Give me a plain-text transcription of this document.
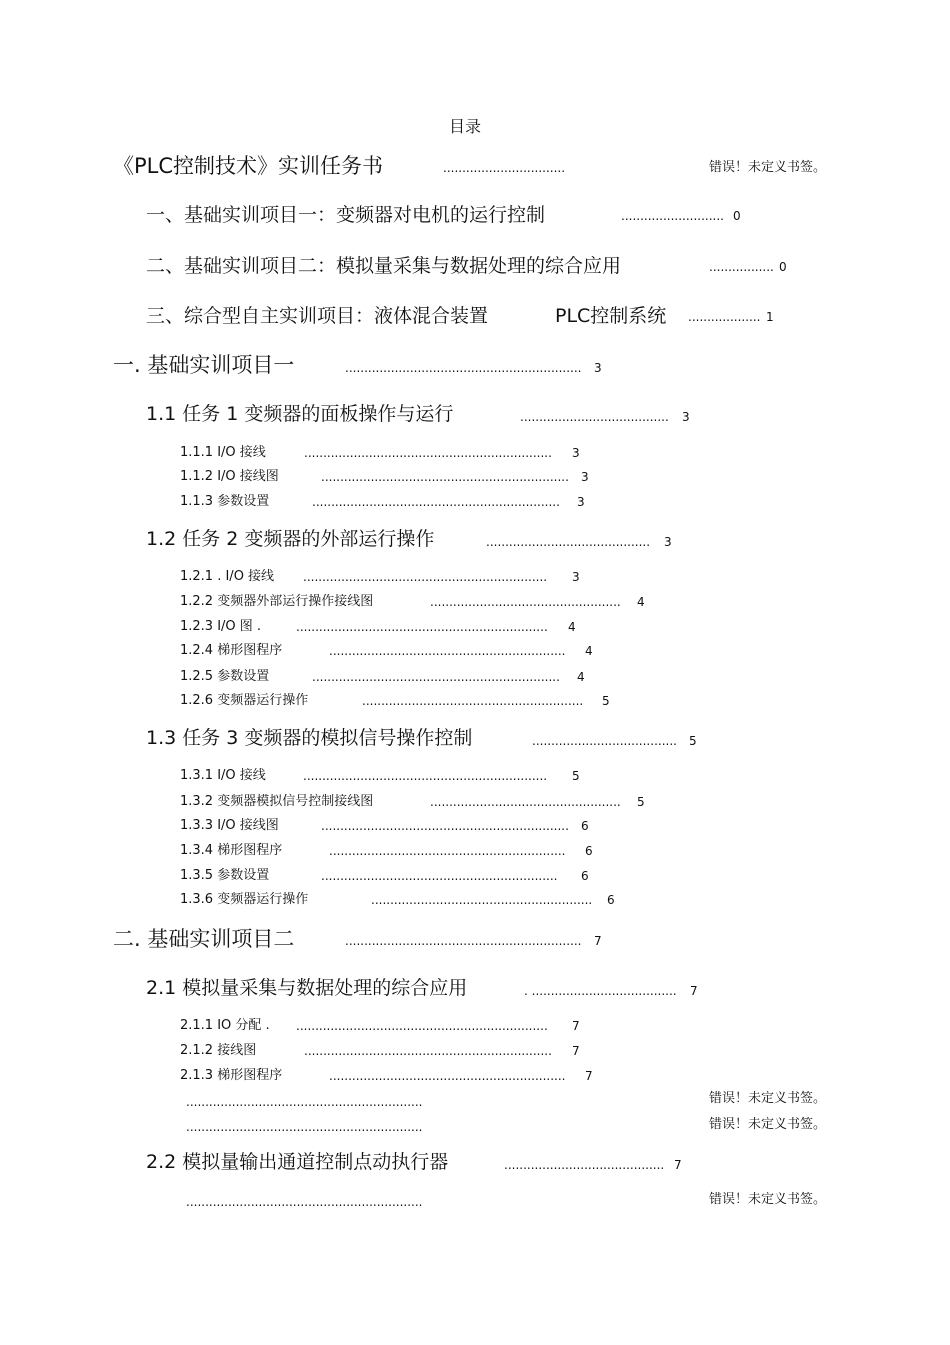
目录
《PLC控制技术》实训任务书	................................	错误！未定义书签。
一、基础实训项目一：变频器对电机的运行控制	........................... 0
二、基础实训项目二：模拟量采集与数据处理的综合应用	................. 0
三、综合型自主实训项目：液体混合装置	PLC控制系统 ................... 1
一. 基础实训项目一	.............................................................. 3
1.1 任务 1 变频器的面板操作与运行	....................................... 3
1.1.1 I/O 接线	................................................................. 3
1.1.2 I/O 接线图	................................................................. 3
1.1.3 参数设置	................................................................. 3
1.2 任务 2 变频器的外部运行操作	........................................... 3
1.2.1 . I/O 接线 ................................................................ 3
1.2.2 变频器外部运行操作接线图	.................................................. 4
1.2.3 I/O 图 .	.................................................................. 4
1.2.4 梯形图程序	.............................................................. 4
1.2.5 参数设置	................................................................. 4
1.2.6 变频器运行操作	.......................................................... 5
1.3 任务 3 变频器的模拟信号操作控制	...................................... 5
1.3.1 I/O 接线	................................................................ 5
1.3.2 变频器模拟信号控制接线图	.................................................. 5
1.3.3 I/O 接线图	................................................................. 6
1.3.4 梯形图程序	.............................................................. 6
1.3.5 参数设置	.............................................................. 6
1.3.6 变频器运行操作	.......................................................... 6
二. 基础实训项目二	.............................................................. 7
2.1 模拟量采集与数据处理的综合应用	. ...................................... 7
2.1.1 IO 分配 . .................................................................. 7
2.1.2 接线图	................................................................. 7
2.1.3 梯形图程序	.............................................................. 7
..............................................................	错误！未定义书签。
..............................................................	错误！未定义书签。
2.2 模拟量输出通道控制点动执行器	.......................................... 7
..............................................................	错误！未定义书签。
